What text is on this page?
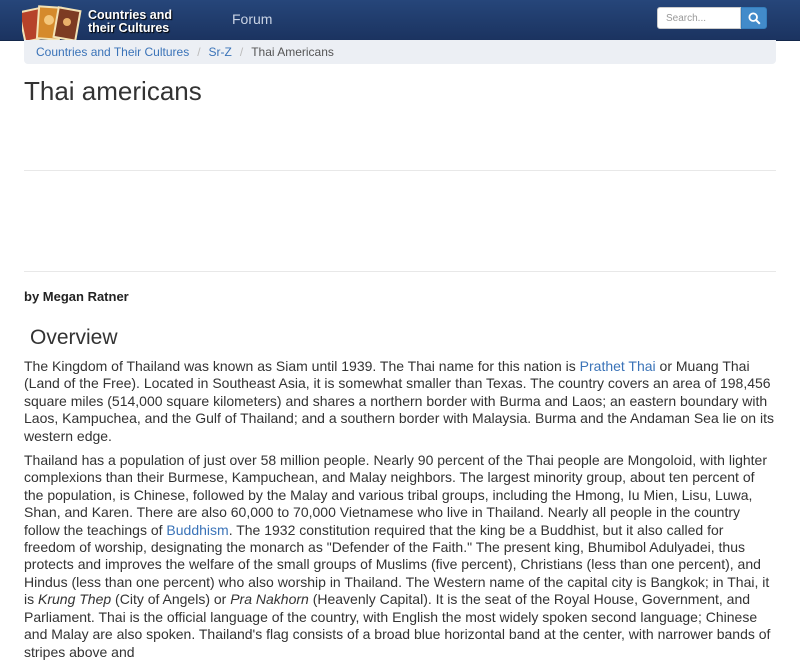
Countries and
their Cultures
Forum
Search...
Countries and Their Cultures / Sr-Z / Thai Americans
Thai americans

by Megan Ratner

Overview

The Kingdom of Thailand was known as Siam until 1939. The Thai name for this nation is Prathet Thai or Muang Thai (Land of the Free). Located in Southeast Asia, it is somewhat smaller than Texas. The country covers an area of 198,456 square miles (514,000 square kilometers) and shares a northern border with Burma and Laos; an eastern boundary with Laos, Kampuchea, and the Gulf of Thailand; and a southern border with Malaysia. Burma and the Andaman Sea lie on its western edge.

Thailand has a population of just over 58 million people. Nearly 90 percent of the Thai people are Mongoloid, with lighter complexions than their Burmese, Kampuchean, and Malay neighbors. The largest minority group, about ten percent of the population, is Chinese, followed by the Malay and various tribal groups, including the Hmong, Iu Mien, Lisu, Luwa, Shan, and Karen. There are also 60,000 to 70,000 Vietnamese who live in Thailand. Nearly all people in the country follow the teachings of Buddhism. The 1932 constitution required that the king be a Buddhist, but it also called for freedom of worship, designating the monarch as "Defender of the Faith." The present king, Bhumibol Adulyadei, thus protects and improves the welfare of the small groups of Muslims (five percent), Christians (less than one percent), and Hindus (less than one percent) who also worship in Thailand. The Western name of the capital city is Bangkok; in Thai, it is Krung Thep (City of Angels) or Pra Nakhorn (Heavenly Capital). It is the seat of the Royal House, Government, and Parliament. Thai is the official language of the country, with English the most widely spoken second language; Chinese and Malay are also spoken. Thailand's flag consists of a broad blue horizontal band at the center, with narrower bands of stripes above and
